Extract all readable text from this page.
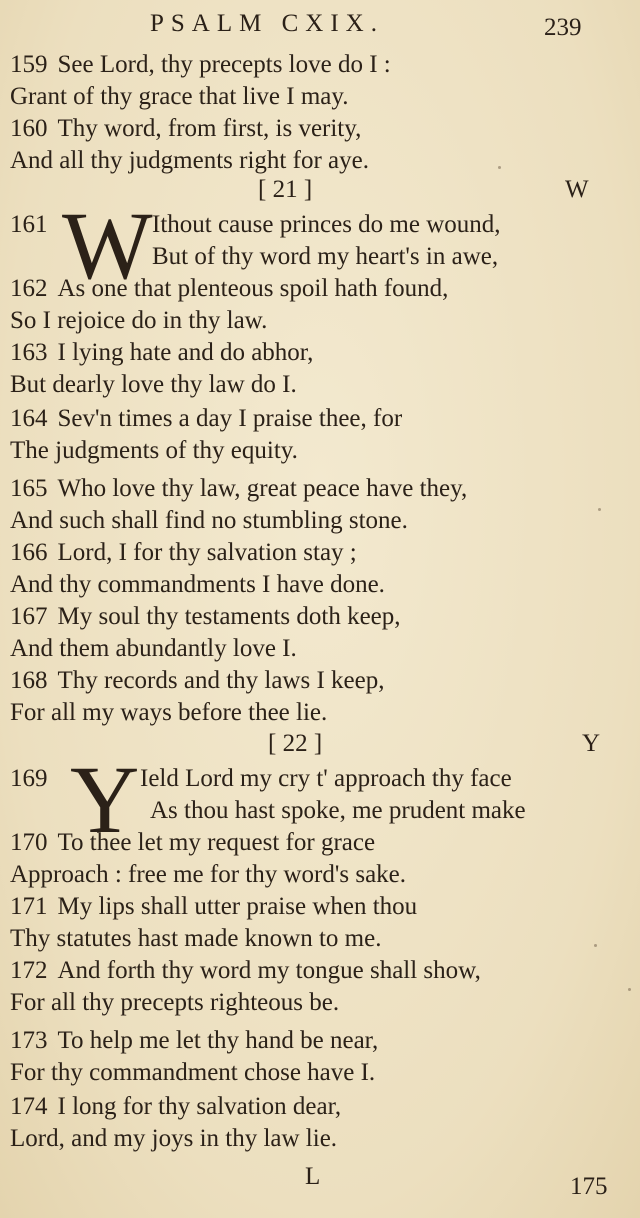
PSALM CXIX.	239
159 See Lord, thy precepts love do I :
Grant of thy grace that live I may.
160 Thy word, from first, is verity,
And all thy judgments right for aye.
[ 21 ]	W
161 W Ithout cause princes do me wound,
But of thy word my heart's in awe,
162 As one that plenteous spoil hath found,
So I rejoice do in thy law.
163 I lying hate and do abhor,
But dearly love thy law do I.
164 Sev'n times a day I praise thee, for
The judgments of thy equity.
165 Who love thy law, great peace have they,
And such shall find no stumbling stone.
166 Lord, I for thy salvation stay ;
And thy commandments I have done.
167 My soul thy testaments doth keep,
And them abundantly love I.
168 Thy records and thy laws I keep,
For all my ways before thee lie.
[ 22 ]	Y
169 Y Ield Lord my cry t' approach thy face
As thou hast spoke, me prudent make
170 To thee let my request for grace
Approach : free me for thy word's sake.
171 My lips shall utter praise when thou
Thy statutes hast made known to me.
172 And forth thy word my tongue shall show,
For all thy precepts righteous be.
173 To help me let thy hand be near,
For thy commandment chose have I.
174 I long for thy salvation dear,
Lord, and my joys in thy law lie.
L	175
